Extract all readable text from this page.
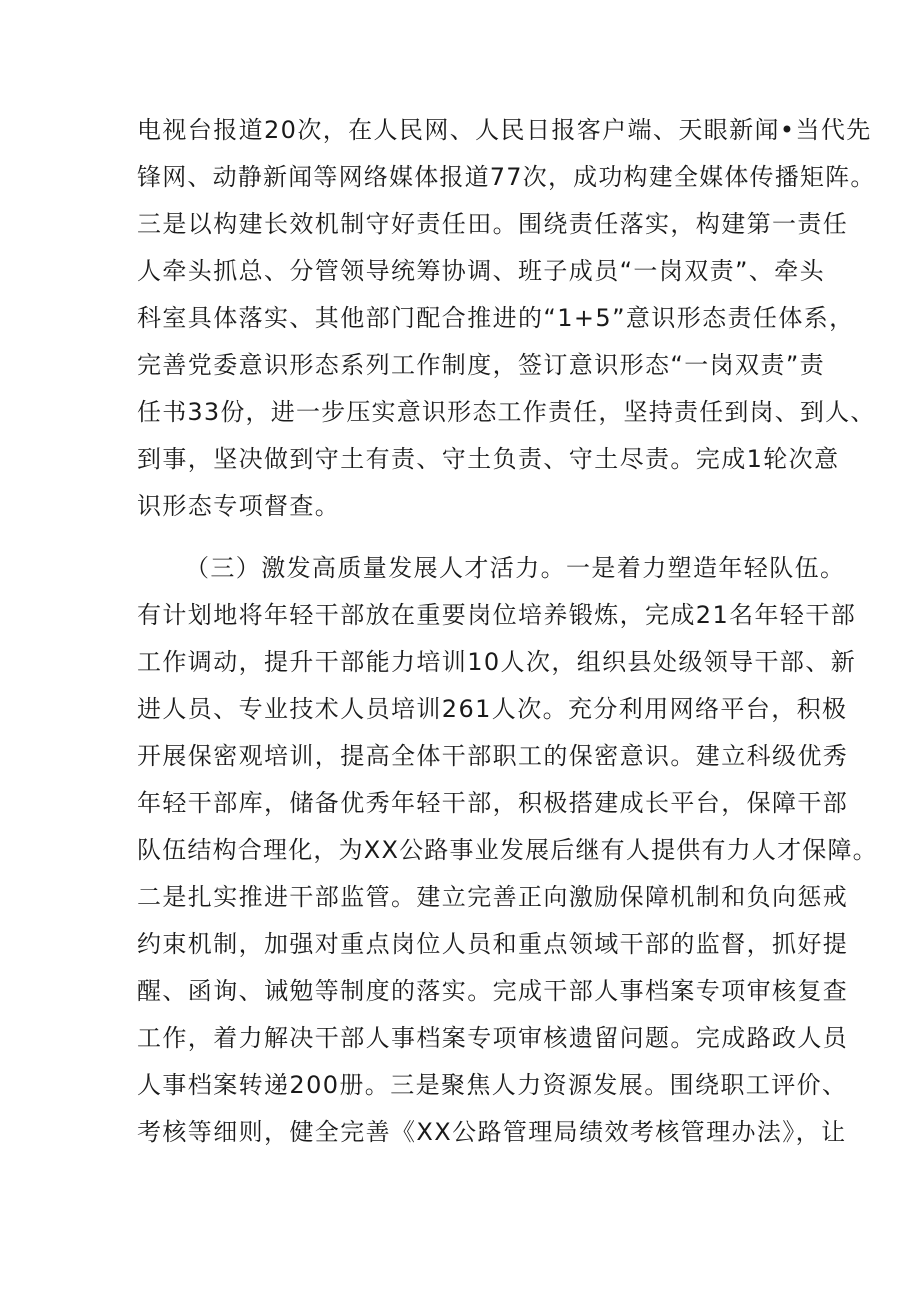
电视台报道20次，在人民网、人民日报客户端、天眼新闻•当代先
锋网、动静新闻等网络媒体报道77次，成功构建全媒体传播矩阵。
三是以构建长效机制守好责任田。围绕责任落实，构建第一责任
人牵头抓总、分管领导统筹协调、班子成员“一岗双责”、牵头
科室具体落实、其他部门配合推进的“1+5”意识形态责任体系，
完善党委意识形态系列工作制度，签订意识形态“一岗双责”责
任书33份，进一步压实意识形态工作责任，坚持责任到岗、到人、
到事，坚决做到守土有责、守土负责、守土尽责。完成1轮次意
识形态专项督查。
（三）激发高质量发展人才活力。一是着力塑造年轻队伍。
有计划地将年轻干部放在重要岗位培养锻炼，完成21名年轻干部
工作调动，提升干部能力培训10人次，组织县处级领导干部、新
进人员、专业技术人员培训261人次。充分利用网络平台，积极
开展保密观培训，提高全体干部职工的保密意识。建立科级优秀
年轻干部库，储备优秀年轻干部，积极搭建成长平台，保障干部
队伍结构合理化，为XX公路事业发展后继有人提供有力人才保障。
二是扎实推进干部监管。建立完善正向激励保障机制和负向惩戒
约束机制，加强对重点岗位人员和重点领域干部的监督，抓好提
醒、函询、诫勉等制度的落实。完成干部人事档案专项审核复查
工作，着力解决干部人事档案专项审核遗留问题。完成路政人员
人事档案转递200册。三是聚焦人力资源发展。围绕职工评价、
考核等细则，健全完善《XX公路管理局绩效考核管理办法》，让
